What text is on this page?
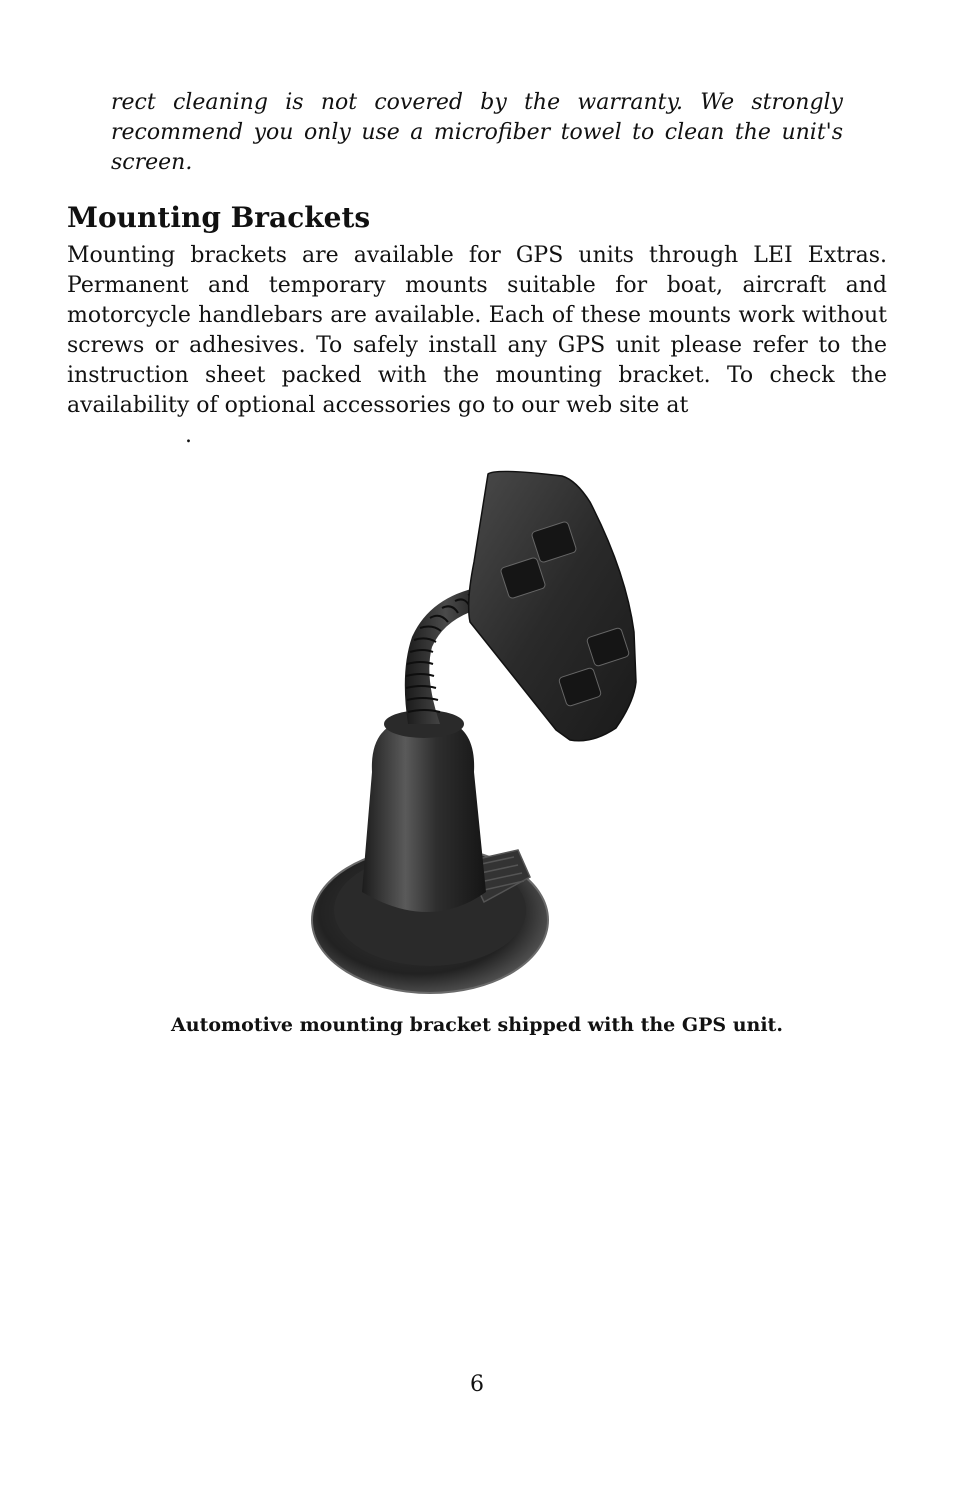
rect cleaning is not covered by the warranty. We strongly recommend you only use a microfiber towel to clean the unit's screen.
Mounting Brackets
Mounting brackets are available for GPS units through LEI Extras. Permanent and temporary mounts suitable for boat, aircraft and motorcycle handlebars are available. Each of these mounts work without screws or adhesives. To safely install any GPS unit please refer to the instruction sheet packed with the mounting bracket. To check the availability of optional accessories go to our web site at
.
Automotive mounting bracket shipped with the GPS unit.
6
